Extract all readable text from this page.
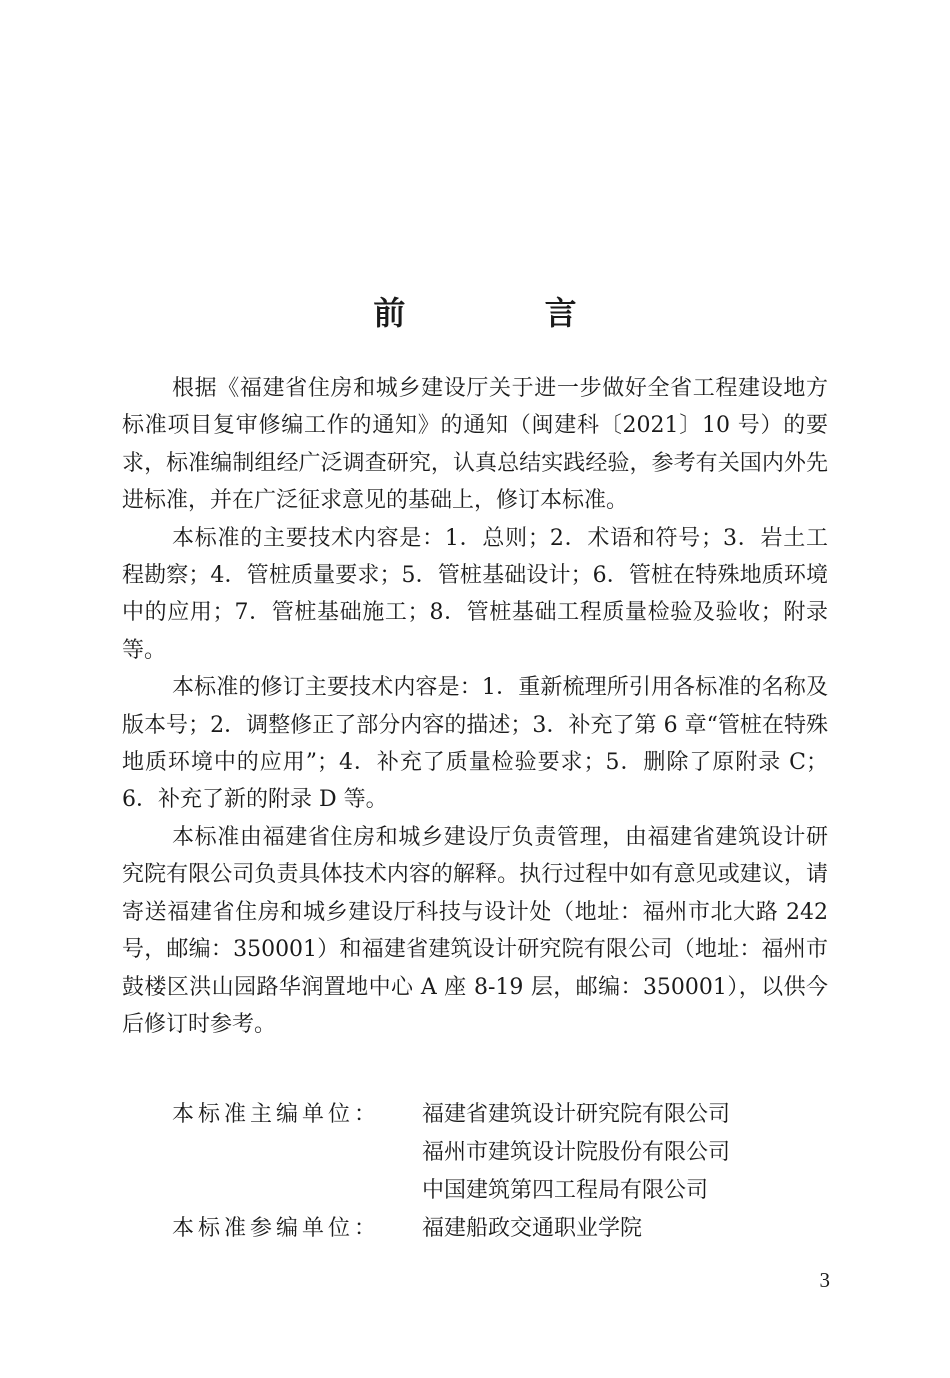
前 言

根据《福建省住房和城乡建设厅关于进一步做好全省工程建设地方标准项目复审修编工作的通知》的通知（闽建科〔2021〕10 号）的要求，标准编制组经广泛调查研究，认真总结实践经验，参考有关国内外先进标准，并在广泛征求意见的基础上，修订本标准。

本标准的主要技术内容是：1．总则；2．术语和符号；3．岩土工程勘察；4．管桩质量要求；5．管桩基础设计；6．管桩在特殊地质环境中的应用；7．管桩基础施工；8．管桩基础工程质量检验及验收；附录等。

本标准的修订主要技术内容是：1．重新梳理所引用各标准的名称及版本号；2．调整修正了部分内容的描述；3．补充了第 6 章“管桩在特殊地质环境中的应用”；4．补充了质量检验要求；5．删除了原附录 C；6．补充了新的附录 D 等。

本标准由福建省住房和城乡建设厅负责管理，由福建省建筑设计研究院有限公司负责具体技术内容的解释。执行过程中如有意见或建议，请寄送福建省住房和城乡建设厅科技与设计处（地址：福州市北大路 242 号，邮编：350001）和福建省建筑设计研究院有限公司（地址：福州市鼓楼区洪山园路华润置地中心 A 座 8-19 层，邮编：350001），以供今后修订时参考。

本标准主编单位：	福建省建筑设计研究院有限公司
福州市建筑设计院股份有限公司
中国建筑第四工程局有限公司
本标准参编单位：	福建船政交通职业学院
3
